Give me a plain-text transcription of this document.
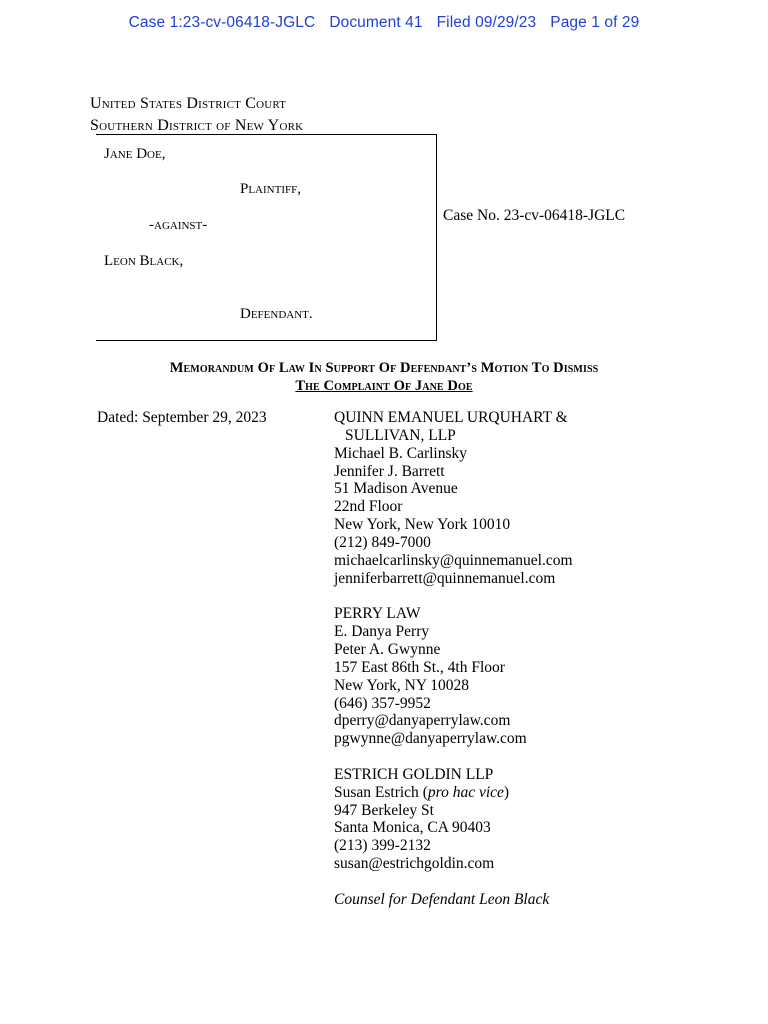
Case 1:23-cv-06418-JGLC Document 41 Filed 09/29/23 Page 1 of 29
United States District Court
Southern District of New York
Jane Doe,
Plaintiff,
-against-
Leon Black,
Defendant.
Case No. 23-cv-06418-JGLC
Memorandum Of Law In Support Of Defendant’s Motion To Dismiss
The Complaint Of Jane Doe
Dated: September 29, 2023	QUINN EMANUEL URQUHART &
SULLIVAN, LLP
Michael B. Carlinsky
Jennifer J. Barrett
51 Madison Avenue
22nd Floor
New York, New York 10010
(212) 849-7000
michaelcarlinsky@quinnemanuel.com
jenniferbarrett@quinnemanuel.com
PERRY LAW
E. Danya Perry
Peter A. Gwynne
157 East 86th St., 4th Floor
New York, NY 10028
(646) 357-9952
dperry@danyaperrylaw.com
pgwynne@danyaperrylaw.com
ESTRICH GOLDIN LLP
Susan Estrich (pro hac vice)
947 Berkeley St
Santa Monica, CA 90403
(213) 399-2132
susan@estrichgoldin.com
Counsel for Defendant Leon Black
